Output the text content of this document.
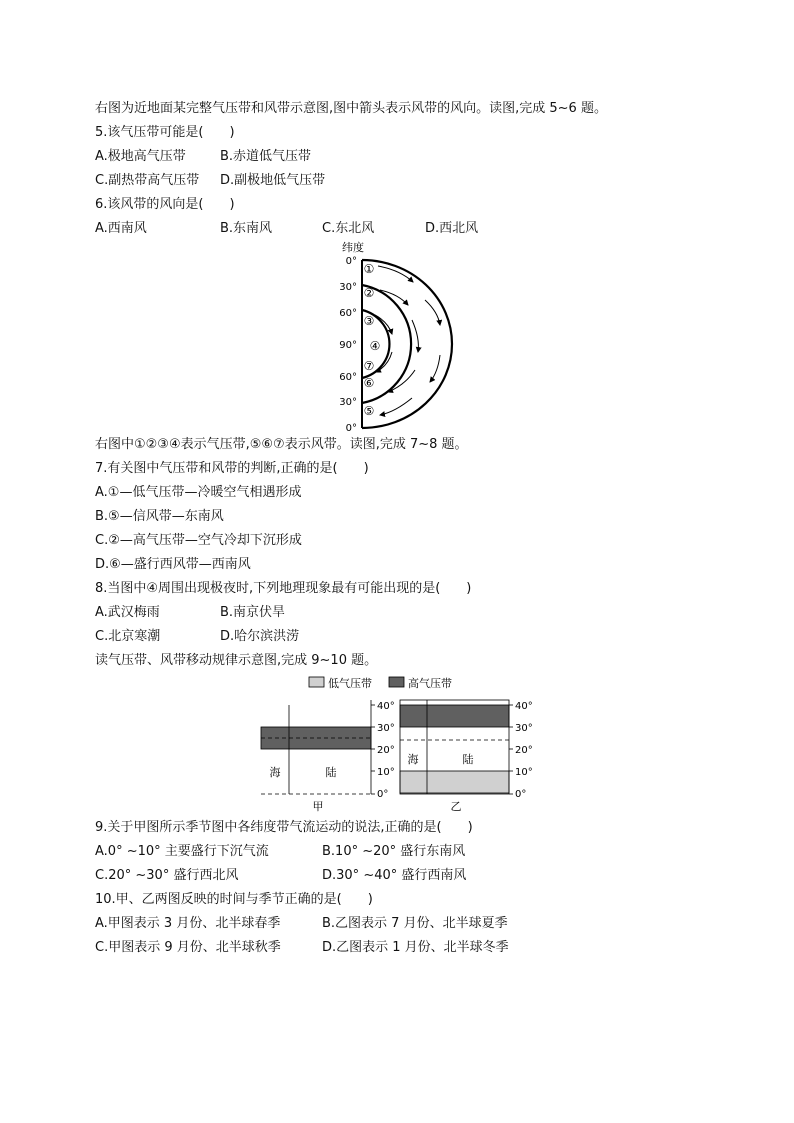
右图为近地面某完整气压带和风带示意图,图中箭头表示风带的风向。读图,完成 5~6 题。
5.该气压带可能是(　　)
A.极地高气压带	B.赤道低气压带
C.副热带高气压带 D.副极地低气压带
6.该风带的风向是(　　)
A.西南风	B.东南风	C.东北风	D.西北风
纬度
0°
30°
60°
90°
60°
30°
0°
①
②
③
④
⑦
⑥
⑤
右图中①②③④表示气压带,⑤⑥⑦表示风带。读图,完成 7~8 题。
7.有关图中气压带和风带的判断,正确的是(　　)
A.①—低气压带—冷暖空气相遇形成
B.⑤—信风带—东南风
C.②—高气压带—空气冷却下沉形成
D.⑥—盛行西风带—西南风
8.当图中④周围出现极夜时,下列地理现象最有可能出现的是(　　)
A.武汉梅雨	B.南京伏旱
C.北京寒潮	D.哈尔滨洪涝
读气压带、风带移动规律示意图,完成 9~10 题。
低气压带	高气压带
海	陆
40°
30°
20°
10°
0°
甲
海	陆
40°
30°
20°
10°
0°
乙
9.关于甲图所示季节图中各纬度带气流运动的说法,正确的是(　　)
A.0° ~10° 主要盛行下沉气流	B.10° ~20° 盛行东南风
C.20° ~30° 盛行西北风	D.30° ~40° 盛行西南风
10.甲、乙两图反映的时间与季节正确的是(　　)
A.甲图表示 3 月份、北半球春季	B.乙图表示 7 月份、北半球夏季
C.甲图表示 9 月份、北半球秋季	D.乙图表示 1 月份、北半球冬季
